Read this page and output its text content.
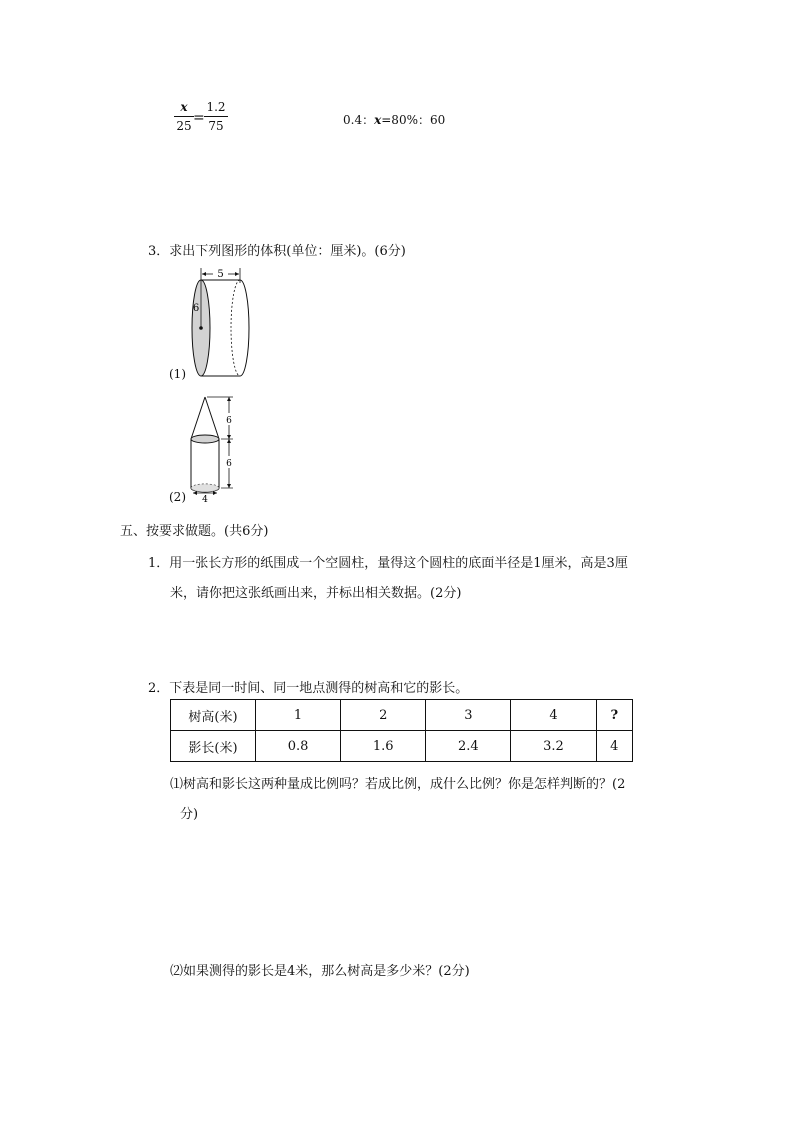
x
25 =
1.2
75	0.4：x=80%：60
3．求出下列图形的体积(单位：厘米)。(6分)
(1)
5
6
(2) 4
6
6
五、按要求做题。(共6分)
1．用一张长方形的纸围成一个空圆柱，量得这个圆柱的底面半径是1厘米，高是3厘
米，请你把这张纸画出来，并标出相关数据。(2分)
2．下表是同一时间、同一地点测得的树高和它的影长。
树高(米)	1	2	3	4	?
影长(米)	0.8	1.6	2.4	3.2	4
⑴树高和影长这两种量成比例吗？若成比例，成什么比例？你是怎样判断的？(2
分)
⑵如果测得的影长是4米，那么树高是多少米？(2分)
